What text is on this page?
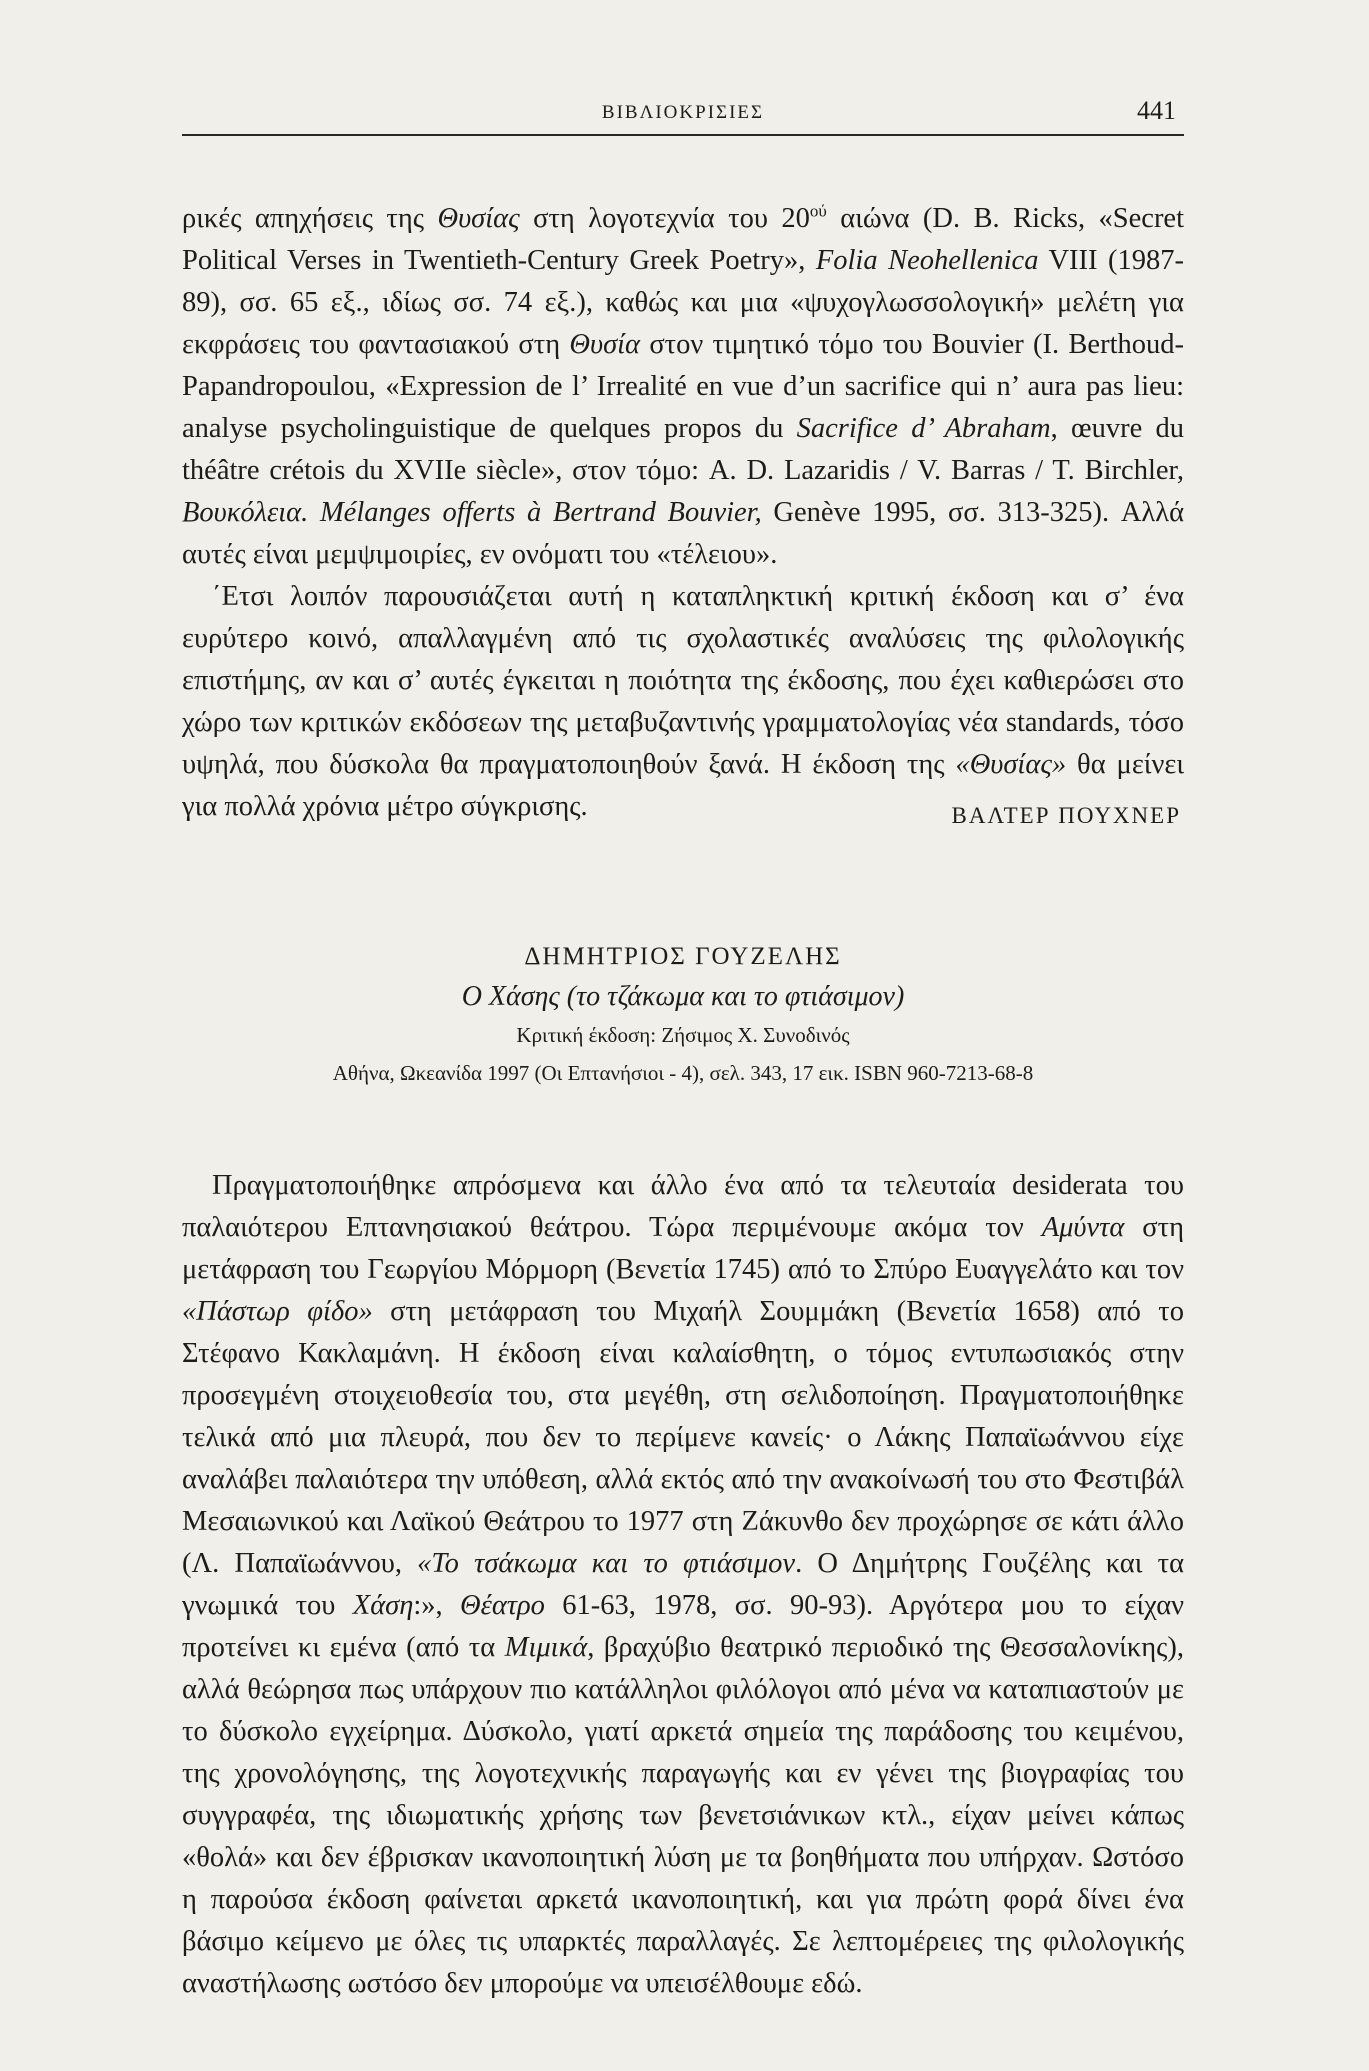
ΒΙΒΛΙΟΚΡΙΣΙΕΣ	441

ρικές απηχήσεις της Θυσίας στη λογοτεχνία του $20^{oύ}$ αιώνα (D. B. Ricks, «Secret Political Verses in Twentieth-Century Greek Poetry», Folia Neohellenica VIII (1987-89), σσ. 65 εξ., ιδίως σσ. 74 εξ.), καθώς και μια «ψυχογλωσσολογική» μελέτη για εκφράσεις του φαντασιακού στη Θυσία στον τιμητικό τόμο του Bouvier (I. Berthoud-Papandropoulou, «Expression de l’ Irrealité en vue d’un sacrifice qui n’ aura pas lieu: analyse psycholinguistique de quelques propos du Sacrifice d’ Abraham, œuvre du théâtre crétois du XVIIe siècle», στον τόμο: A. D. Lazaridis / V. Barras / T. Birchler, Βουκόλεια. Mélanges offerts à Bertrand Bouvier, Genève 1995, σσ. 313-325). Αλλά αυτές είναι μεμψιμοιρίες, εν ονόματι του «τέλειου».

΄Ετσι λοιπόν παρουσιάζεται αυτή η καταπληκτική κριτική έκδοση και σ’ ένα ευρύτερο κοινό, απαλλαγμένη από τις σχολαστικές αναλύσεις της φιλολογικής επιστήμης, αν και σ’ αυτές έγκειται η ποιότητα της έκδοσης, που έχει καθιερώσει στο χώρο των κριτικών εκδόσεων της μεταβυζαντινής γραμματολογίας νέα standards, τόσο υψηλά, που δύσκολα θα πραγματοποιηθούν ξανά. Η έκδοση της «Θυσίας» θα μείνει για πολλά χρόνια μέτρο σύγκρισης.	ΒΑΛΤΕΡ ΠΟΥΧΝΕΡ
ΔΗΜΗΤΡΙΟΣ ΓΟΥΖΕΛΗΣ
Ο Χάσης (το τζάκωμα και το φτιάσιμον)
Κριτική έκδοση: Ζήσιμος Χ. Συνοδινός
Αθήνα, Ωκεανίδα 1997 (Οι Επτανήσιοι - 4), σελ. 343, 17 εικ. ISBN 960-7213-68-8

Πραγματοποιήθηκε απρόσμενα και άλλο ένα από τα τελευταία desiderata του παλαιότερου Επτανησιακού θεάτρου. Τώρα περιμένουμε ακόμα τον Αμύντα στη μετάφραση του Γεωργίου Μόρμορη (Βενετία 1745) από το Σπύρο Ευαγγελάτο και τον «Πάστωρ φίδο» στη μετάφραση του Μιχαήλ Σουμμάκη (Βενετία 1658) από το Στέφανο Κακλαμάνη. Η έκδοση είναι καλαίσθητη, ο τόμος εντυπωσιακός στην προσεγμένη στοιχειοθεσία του, στα μεγέθη, στη σελιδοποίηση. Πραγματοποιήθηκε τελικά από μια πλευρά, που δεν το περίμενε κανείς· ο Λάκης Παπαϊωάννου είχε αναλάβει παλαιότερα την υπόθεση, αλλά εκτός από την ανακοίνωσή του στο Φεστιβάλ Μεσαιωνικού και Λαϊκού Θεάτρου το 1977 στη Ζάκυνθο δεν προχώρησε σε κάτι άλλο (Λ. Παπαϊωάννου, «Το τσάκωμα και το φτιάσιμον. Ο Δημήτρης Γουζέλης και τα γνωμικά του Χάση:», Θέατρο 61-63, 1978, σσ. 90-93). Αργότερα μου το είχαν προτείνει κι εμένα (από τα Μιμικά, βραχύβιο θεατρικό περιοδικό της Θεσσαλονίκης), αλλά θεώρησα πως υπάρχουν πιο κατάλληλοι φιλόλογοι από μένα να καταπιαστούν με το δύσκολο εγχείρημα. Δύσκολο, γιατί αρκετά σημεία της παράδοσης του κειμένου, της χρονολόγησης, της λογοτεχνικής παραγωγής και εν γένει της βιογραφίας του συγγραφέα, της ιδιωματικής χρήσης των βενετσιάνικων κτλ., είχαν μείνει κάπως «θολά» και δεν έβρισκαν ικανοποιητική λύση με τα βοηθήματα που υπήρχαν. Ωστόσο η παρούσα έκδοση φαίνεται αρκετά ικανοποιητική, και για πρώτη φορά δίνει ένα βάσιμο κείμενο με όλες τις υπαρκτές παραλλαγές. Σε λεπτομέρειες της φιλολογικής αναστήλωσης ωστόσο δεν μπορούμε να υπεισέλθουμε εδώ.
